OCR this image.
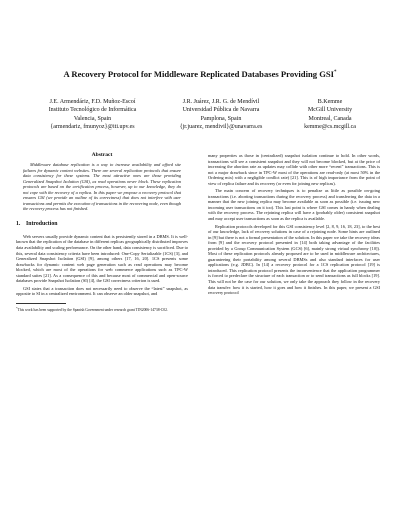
A Recovery Protocol for Middleware Replicated Databases Providing GSI*
J.E. Armendáriz, F.D. Muñoz-Escoí
Instituto Tecnológico de Informática
Valencia, Spain
{armendariz, fmunyoz}@iti.upv.es
J.R. Juárez, J.R. G. de Mendívil
Universidad Pública de Navarra
Pamplona, Spain
{jr.juarez, mendivil}@unavarra.es
B.Kemme
McGill University
Montreal, Canada
kemme@cs.mcgill.ca
Abstract

Middleware database replication is a way to increase availability and afford site failures for dynamic content websites. There are several replication protocols that ensure data consistency for these systems. The most attractive ones are those providing Generalized Snapshot Isolation (GSI), as read operations never block. These replication protocols are based on the certification process, however, up to our knowledge, they do not cope with the recovery of a replica. In this paper we propose a recovery protocol that ensures GSI (we provide an outline of its correctness) that does not interfere with user transactions and permits the execution of transactions in the recovering node, even though the recovery process has not finished.

1. Introduction

Web servers usually provide dynamic content that is persistently stored in a DBMS. It is well-known that the replication of the database in different replicas geographically distributed improves data availability and scaling performance. On the other hand, data consistency is sacrificed. Due to this, several data consistency criteria have been introduced: One-Copy Serializable (1CS) [3], and Generalized Snapshot Isolation (GSI) [9], among others [17, 16, 20]. 1CS presents some drawbacks for dynamic content web page generation such as read operations may become blocked, which are most of the operations for web commerce applications such as TPC-W standard suites [21]. As a consequence of this and because most of commercial and open-source databases provide Snapshot Isolation (SI) [4], the GSI correctness criterion is used.

GSI states that a transaction does not necessarily need to observe the “latest” snapshot, as opposite to SI in a centralized environment. It can observe an older snapshot, and

*This work has been supported by the Spanish Government under research grant TIN2006-14738-C02.

many properties as those in (centralized) snapshot isolation continue to hold. In other words, transactions will see a consistent snapshot and they will not become blocked, but at the price of increasing the abortion rate as updates may collide with other more “recent” transactions. This is not a major drawback since in TPC-W most of the operations are read-only (at most 50% in the Ordering mix) with a negligible conflict rate) [21]. This is of high importance from the point of view of replica failure and its recovery (or even for joining new replicas).

The main concern of recovery techniques is to penalize as little as possible on-going transactions (i.e. aborting transactions during the recovery process) and transferring the data in a manner that the new joining replica may become available as soon as possible (i.e. issuing new incoming user transactions on it too). This last point is where GSI comes in handy when dealing with the recovery process. The rejoining replica will have a (probably older) consistent snapshot and may accept user transactions as soon as the replica is available.

Replication protocols developed for this GSI consistency level [2, 8, 9, 16, 18, 23], to the best of our knowledge, lack of recovery solutions in case of a rejoining node. Some hints are outlined in [9] but there is not a formal presentation of the solution. In this paper we take the recovery ideas from [9] and the recovery protocol presented in [14] both taking advantage of the facilities provided by a Group Communication System (GCS) [6], mainly strong virtual synchrony [10]). Most of these replication protocols already proposed are to be used in middleware architectures, guaranteeing their portability among several DBMSs and also standard interfaces for user applications (e.g. JDBC). In [14] a recovery protocol for a 1CS replication protocol [19] is introduced. This replication protocol presents the inconvenience that the application programmer is forced to predeclare the structure of each transaction or to send transactions as full blocks [19]. This will not be the case for our solution, we only take the approach they follow in the recovery data transfer: how it is started, how it goes and how it finishes. In this paper, we present a GSI recovery protocol
